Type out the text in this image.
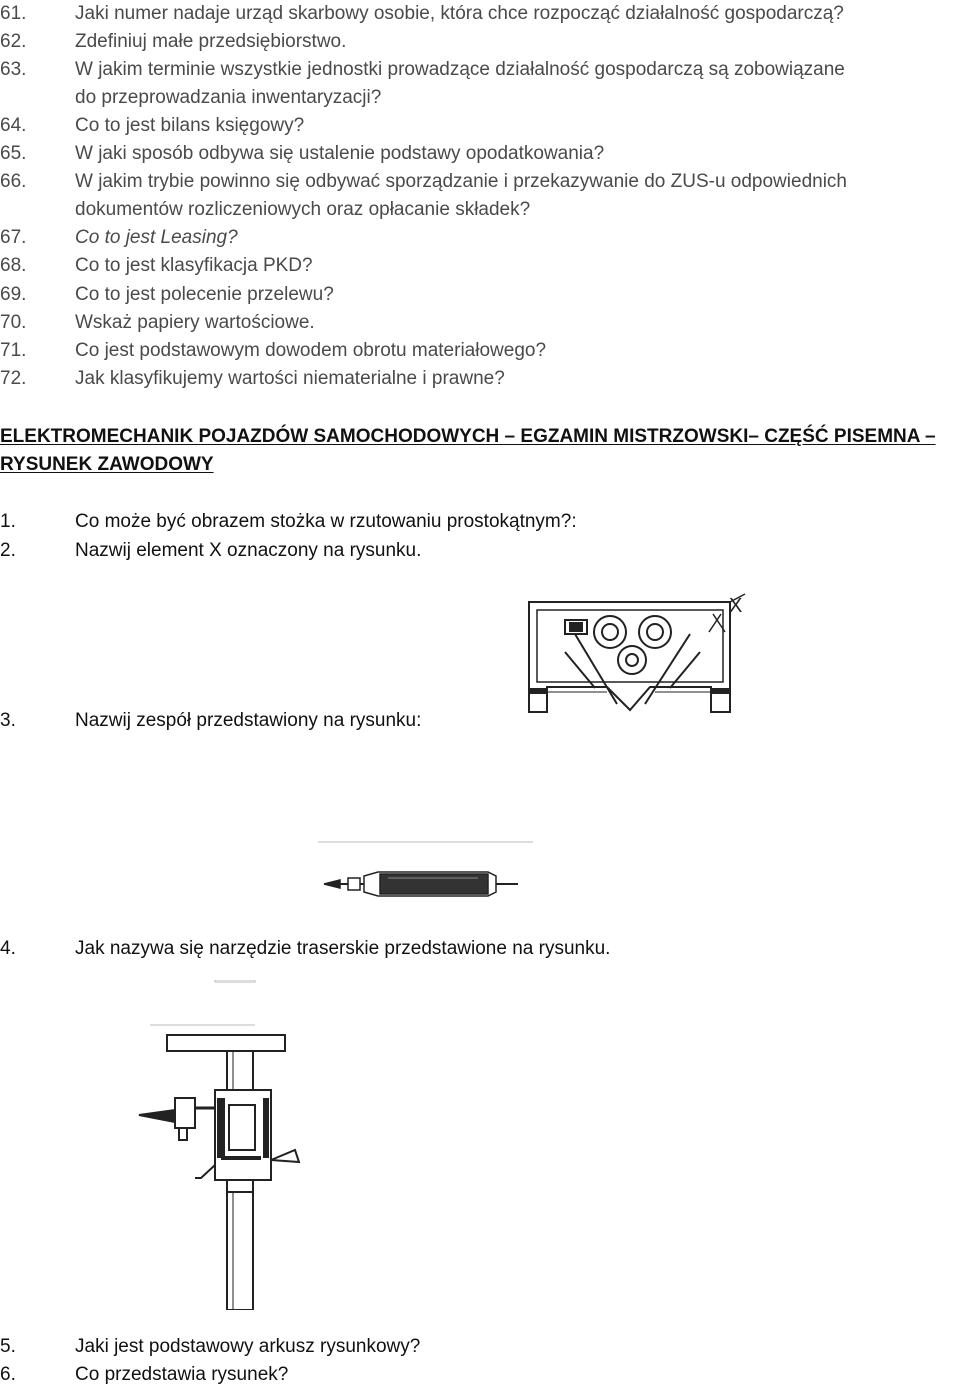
61.	Jaki numer nadaje urząd skarbowy osobie, która chce rozpocząć działalność gospodarczą?
62.	Zdefiniuj małe przedsiębiorstwo.
63.	W jakim terminie wszystkie jednostki prowadzące działalność gospodarczą są zobowiązane
do przeprowadzania inwentaryzacji?
64.	Co to jest bilans księgowy?
65.	W jaki sposób odbywa się ustalenie podstawy opodatkowania?
66.	W jakim trybie powinno się odbywać sporządzanie i przekazywanie do ZUS-u odpowiednich
dokumentów rozliczeniowych oraz opłacanie składek?
67.	Co to jest Leasing?
68.	Co to jest klasyfikacja PKD?
69.	Co to jest polecenie przelewu?
70.	Wskaż papiery wartościowe.
71.	Co jest podstawowym dowodem obrotu materiałowego?
72.	Jak klasyfikujemy wartości niematerialne i prawne?
ELEKTROMECHANIK POJAZDÓW SAMOCHODOWYCH – EGZAMIN MISTRZOWSKI– CZĘŚĆ PISEMNA –
RYSUNEK ZAWODOWY
1.	Co może być obrazem stożka w rzutowaniu prostokątnym?:
2.	Nazwij element X oznaczony na rysunku.
X
3.	Nazwij zespół przedstawiony na rysunku:
4.	Jak nazywa się narzędzie traserskie przedstawione na rysunku.
5.	Jaki jest podstawowy arkusz rysunkowy?
6.	Co przedstawia rysunek?
